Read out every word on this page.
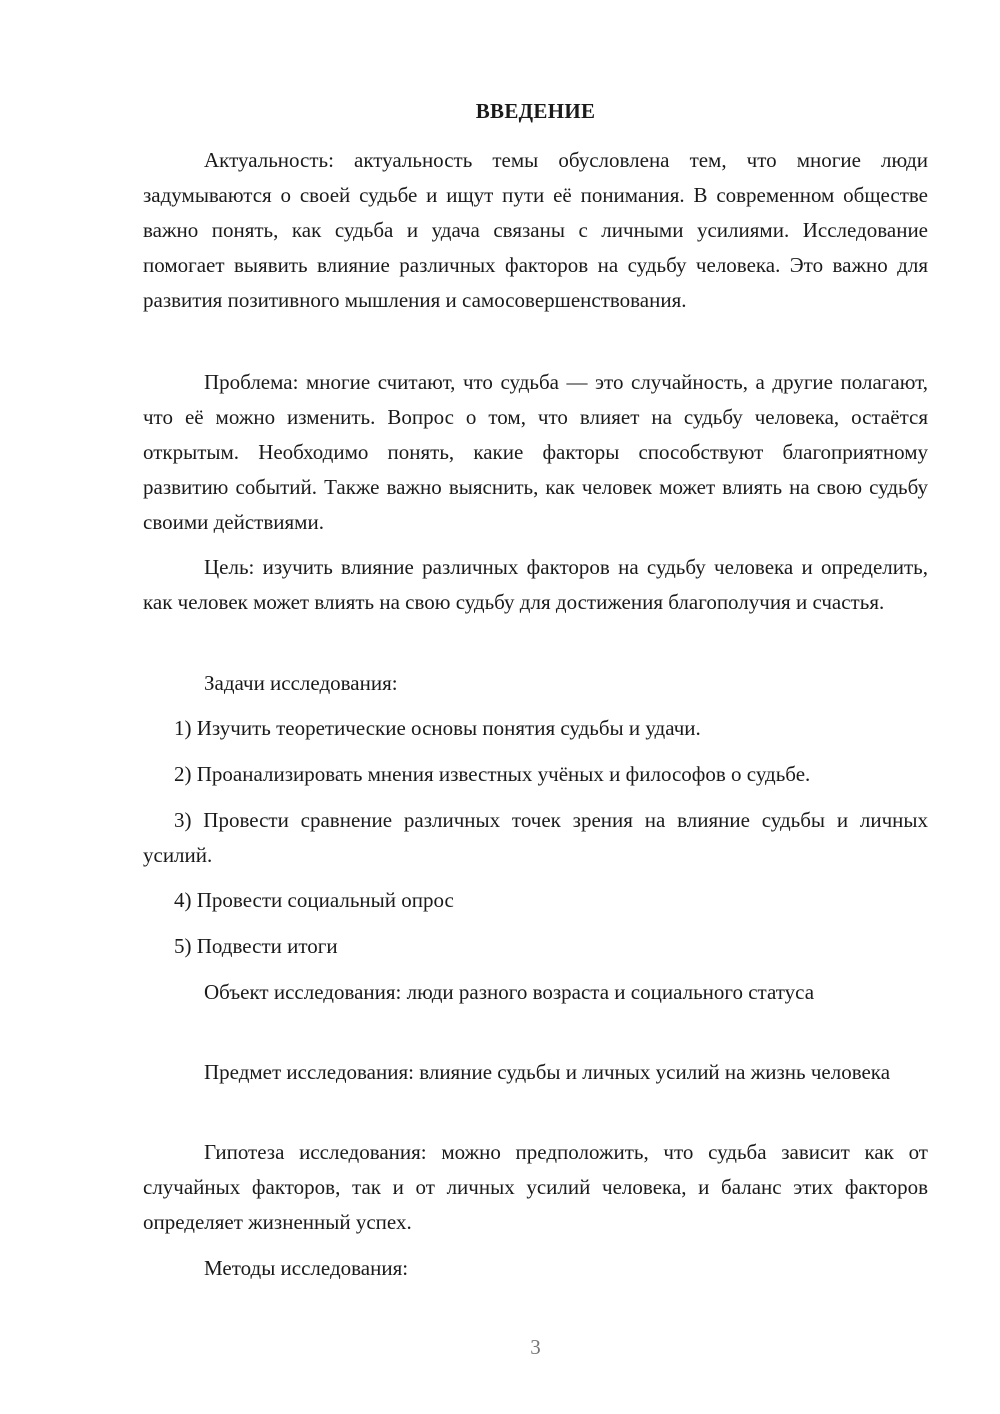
ВВЕДЕНИЕ

Актуальность: актуальность темы обусловлена тем, что многие люди задумываются о своей судьбе и ищут пути её понимания. В современном обществе важно понять, как судьба и удача связаны с личными усилиями. Исследование помогает выявить влияние различных факторов на судьбу человека. Это важно для развития позитивного мышления и самосовершенствования.

Проблема: многие считают, что судьба — это случайность, а другие полагают, что её можно изменить. Вопрос о том, что влияет на судьбу человека, остаётся открытым. Необходимо понять, какие факторы способствуют благоприятному развитию событий. Также важно выяснить, как человек может влиять на свою судьбу своими действиями.

Цель: изучить влияние различных факторов на судьбу человека и определить, как человек может влиять на свою судьбу для достижения благополучия и счастья.

Задачи исследования:

1) Изучить теоретические основы понятия судьбы и удачи.

2) Проанализировать мнения известных учёных и философов о судьбе.

3) Провести сравнение различных точек зрения на влияние судьбы и личных усилий.

4) Провести социальный опрос

5) Подвести итоги

Объект исследования: люди разного возраста и социального статуса

Предмет исследования: влияние судьбы и личных усилий на жизнь человека

Гипотеза исследования: можно предположить, что судьба зависит как от случайных факторов, так и от личных усилий человека, и баланс этих факторов определяет жизненный успех.

Методы исследования:

3
